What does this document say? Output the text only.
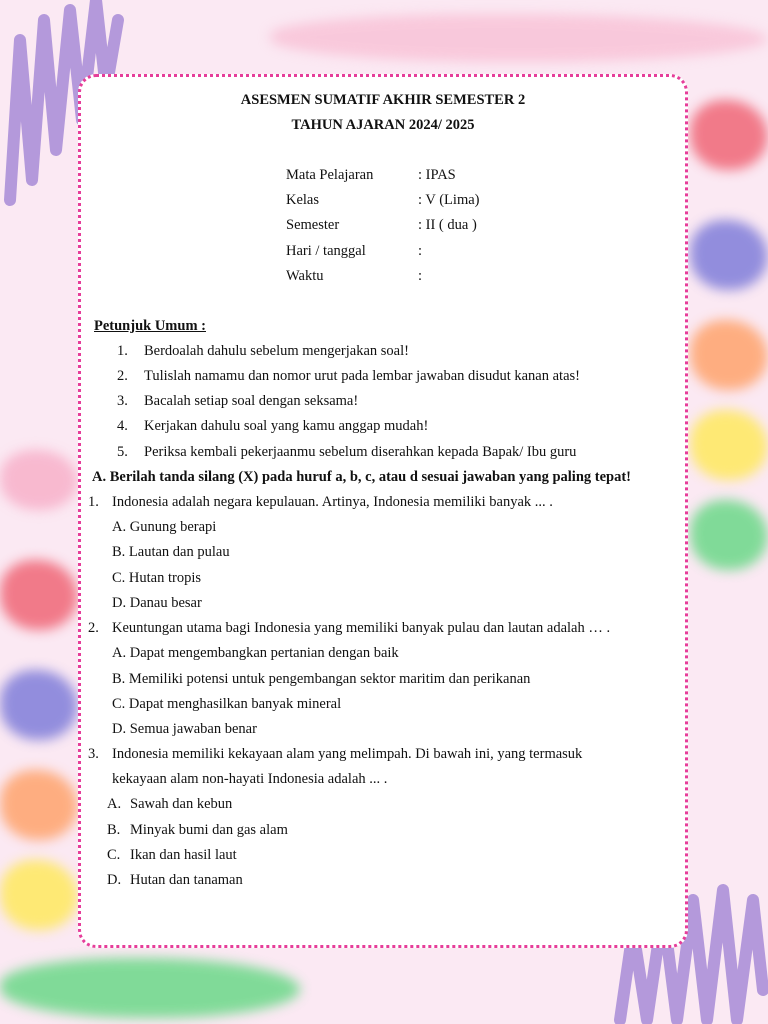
ASESMEN SUMATIF AKHIR SEMESTER 2
TAHUN AJARAN 2024/ 2025
Mata Pelajaran	: IPAS
Kelas	: V (Lima)
Semester	: II ( dua )
Hari / tanggal	:
Waktu	:
Petunjuk Umum :
1. Berdoalah dahulu sebelum mengerjakan soal!
2. Tulislah namamu dan nomor urut pada lembar jawaban disudut kanan atas!
3. Bacalah setiap soal dengan seksama!
4. Kerjakan dahulu soal yang kamu anggap mudah!
5. Periksa kembali pekerjaanmu sebelum diserahkan kepada Bapak/ Ibu guru
A. Berilah tanda silang (X) pada huruf a, b, c, atau d sesuai jawaban yang paling tepat!
1. Indonesia adalah negara kepulauan. Artinya, Indonesia memiliki banyak ... .
A. Gunung berapi
B. Lautan dan pulau
C. Hutan tropis
D. Danau besar
2. Keuntungan utama bagi Indonesia yang memiliki banyak pulau dan lautan adalah … .
A. Dapat mengembangkan pertanian dengan baik
B. Memiliki potensi untuk pengembangan sektor maritim dan perikanan
C. Dapat menghasilkan banyak mineral
D. Semua jawaban benar
3. Indonesia memiliki kekayaan alam yang melimpah. Di bawah ini, yang termasuk
kekayaan alam non-hayati Indonesia adalah ... .
A. Sawah dan kebun
B. Minyak bumi dan gas alam
C. Ikan dan hasil laut
D. Hutan dan tanaman
